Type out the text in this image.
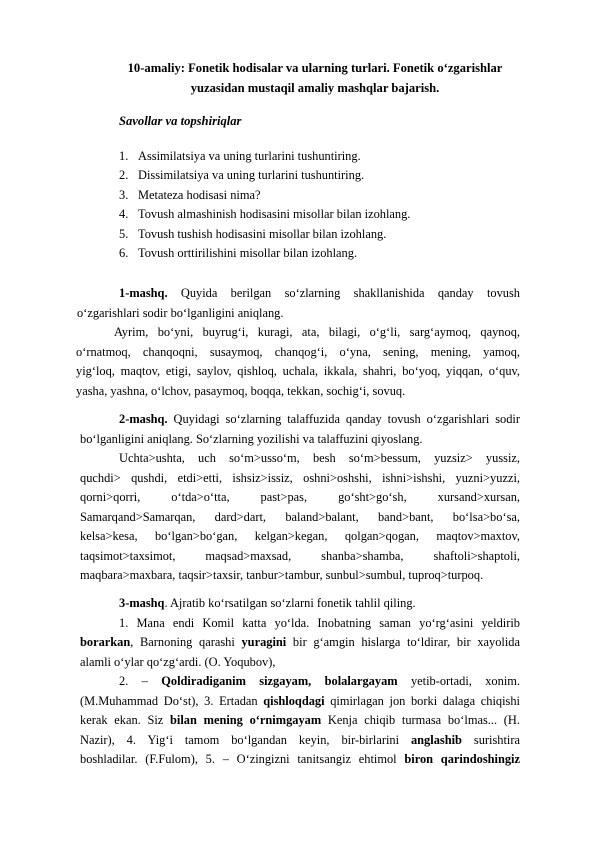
10-amaliy: Fonetik hodisalar va ularning turlari. Fonetik o‘zgarishlar
yuzasidan mustaqil amaliy mashqlar bajarish.
Savollar va topshiriqlar
1. Assimilatsiya va uning turlarini tushuntiring.
2. Dissimilatsiya va uning turlarini tushuntiring.
3. Metateza hodisasi nima?
4. Tovush almashinish hodisasini misollar bilan izohlang.
5. Tovush tushish hodisasini misollar bilan izohlang.
6. Tovush orttirilishini misollar bilan izohlang.
1-mashq. Quyida berilgan so‘zlarning shakllanishida qanday tovush
o‘zgarishlari sodir bo‘lganligini aniqlang.
Ayrim, bo‘yni, buyrug‘i, kuragi, ata, bilagi, o‘g‘li, sarg‘aymoq, qaynoq,
o‘rnatmoq, chanqoqni, susaymoq, chanqog‘i, o‘yna, sening, mening, yamoq,
yig‘loq, maqtov, etigi, saylov, qishloq, uchala, ikkala, shahri, bo‘yoq, yiqqan, o‘quv,
yasha, yashna, o‘lchov, pasaymoq, boqqa, tekkan, sochig‘i, sovuq.
2-mashq. Quyidagi so‘zlarning talaffuzida qanday tovush o‘zgarishlari sodir
bo‘lganligini aniqlang. So‘zlarning yozilishi va talaffuzini qiyoslang.
Uchta>ushta, uch so‘m>usso‘m, besh so‘m>bessum, yuzsiz> yussiz,
quchdi> qushdi, etdi>etti, ishsiz>issiz, oshni>oshshi, ishni>ishshi, yuzni>yuzzi,
qorni>qorri, o‘tda>o‘tta, past>pas, go‘sht>go‘sh, xursand>xursan,
Samarqand>Samarqan, dard>dart, baland>balant, band>bant, bo‘lsa>bo‘sa,
kelsa>kesa, bo‘lgan>bo‘gan, kelgan>kegan, qolgan>qogan, maqtov>maxtov,
taqsimot>taxsimot, maqsad>maxsad, shanba>shamba, shaftoli>shaptoli,
maqbara>maxbara, taqsir>taxsir, tanbur>tambur, sunbul>sumbul, tuproq>turpoq.
3-mashq. Ajratib ko‘rsatilgan so‘zlarni fonetik tahlil qiling.
1. Mana endi Komil katta yo‘lda. Inobatning saman yo‘rg‘asini yeldirib
borarkan, Barnoning qarashi yuragini bir g‘amgin hislarga to‘ldirar, bir xayolida
alamli o‘ylar qo‘zg‘ardi. (O. Yoqubov),
2. – Qoldiradiganim sizgayam, bolalargayam yetib-ortadi, xonim.
(M.Muhammad Do‘st), 3. Ertadan qishloqdagi qimirlagan jon borki dalaga chiqishi
kerak ekan. Siz bilan mening o‘rnimgayam Kenja chiqib turmasa bo‘lmas... (H.
Nazir), 4. Yig‘i tamom bo‘lgandan keyin, bir-birlarini anglashib surishtira
boshladilar. (F.Fulom), 5. – O‘zingizni tanitsangiz ehtimol biron qarindoshingiz
